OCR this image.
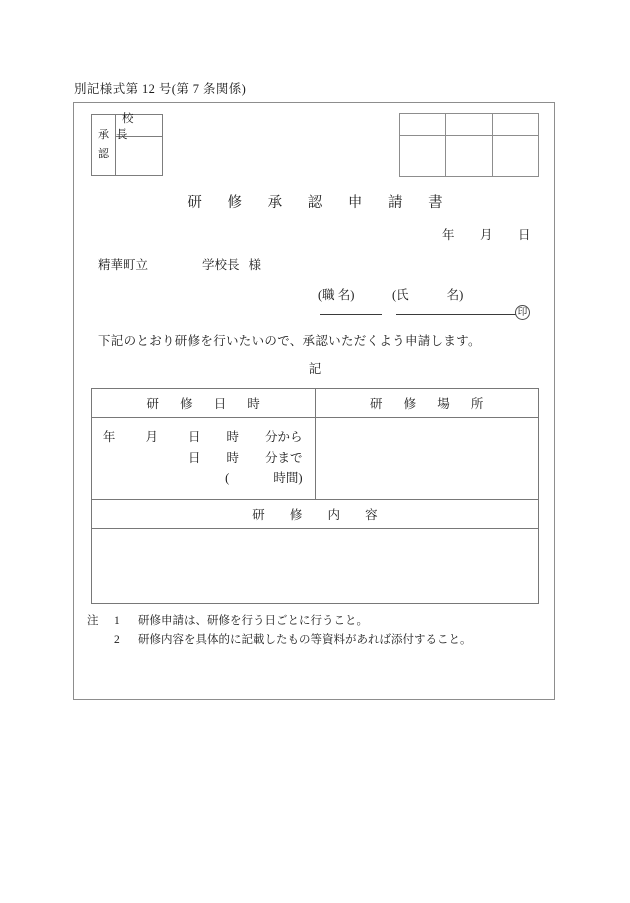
別記様式第 12 号(第 7 条関係)
承
認
校 長
研 修 承 認 申 請 書
年 月 日
精華町立	学校長 様
(職 名)	(氏	名)
印
下記のとおり研修を行いたいので、承認いただくよう申請します。
記
研 修 日 時	研 修 場 所

年 月 日 時 分から
日 時 分まで
( 時間)	

研 修 内 容	

注	1	研修申請は、研修を行う日ごとに行うこと。
2	研修内容を具体的に記載したもの等資料があれば添付すること。
